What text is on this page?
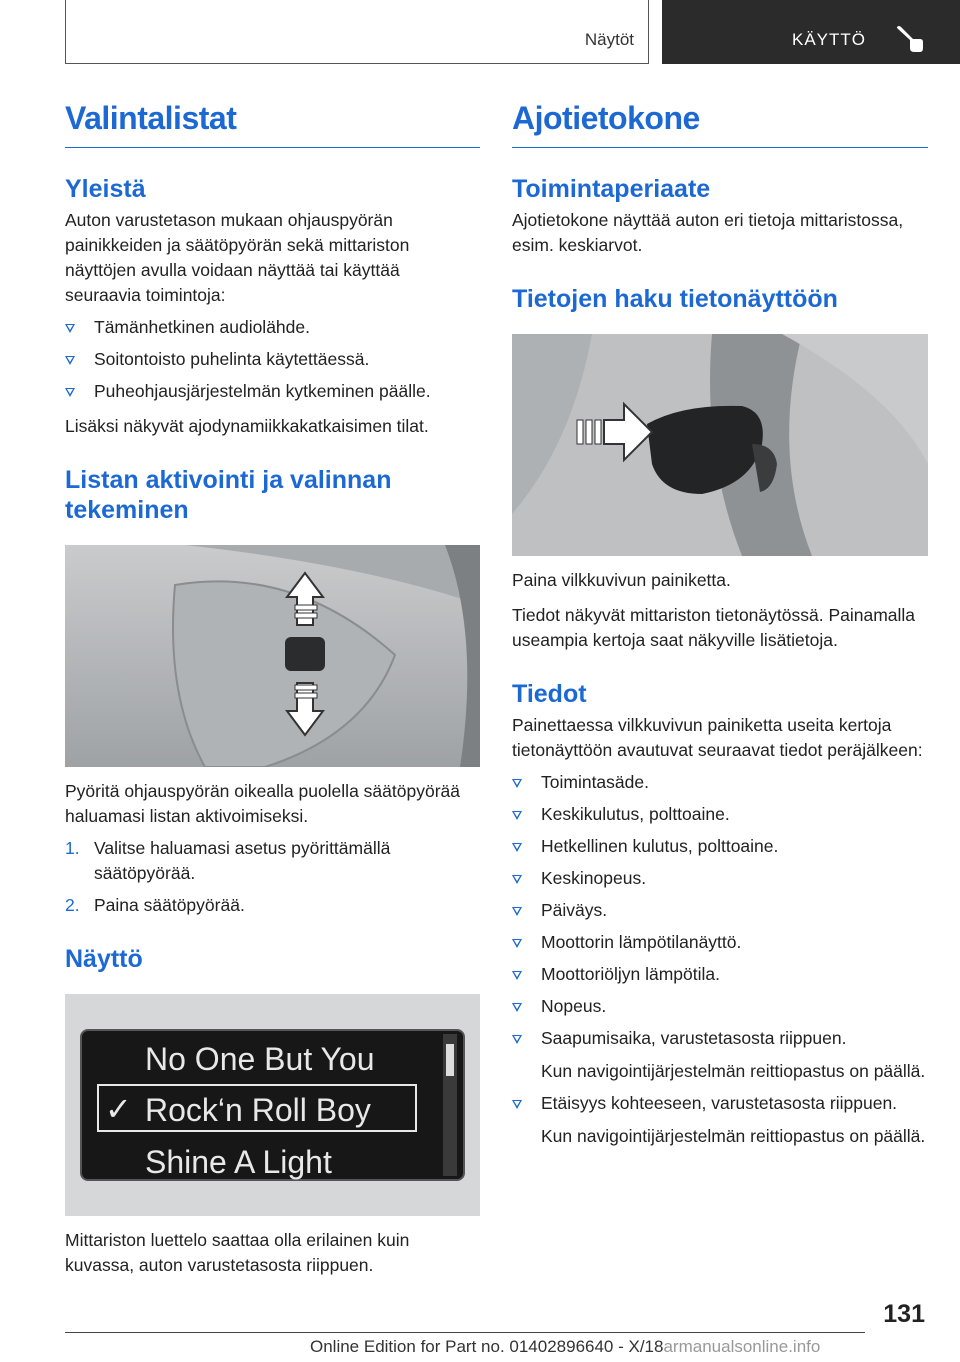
Näytöt	KÄYTTÖ
Valintalistat
Yleistä

Auton varustetason mukaan ohjauspyörän painikkeiden ja säätöpyörän sekä mittariston näyttöjen avulla voidaan näyttää tai käyttää seuraavia toimintoja:

Tämänhetkinen audiolähde.
Soitontoisto puhelinta käytettäessä.
Puheohjausjärjestelmän kytkeminen päälle.

Lisäksi näkyvät ajodynamiikkakatkaisimen tilat.

Listan aktivointi ja valinnan tekeminen

Pyöritä ohjauspyörän oikealla puolella säätöpyörää haluamasi listan aktivoimiseksi.

1. Valitse haluamasi asetus pyörittämällä säätöpyörää.
2. Paina säätöpyörää.
Näyttö
No One But You
✓ Rock‘n Roll Boy
Shine A Light

Mittariston luettelo saattaa olla erilainen kuin kuvassa, auton varustetasosta riippuen.

Ajotietokone
Toimintaperiaate

Ajotietokone näyttää auton eri tietoja mittaristossa, esim. keskiarvot.

Tietojen haku tietonäyttöön

Paina vilkkuvivun painiketta.

Tiedot näkyvät mittariston tietonäytössä. Painamalla useampia kertoja saat näkyville lisätietoja.

Tiedot

Painettaessa vilkkuvivun painiketta useita kertoja tietonäyttöön avautuvat seuraavat tiedot peräjälkeen:

Toimintasäde.
Keskikulutus, polttoaine.
Hetkellinen kulutus, polttoaine.
Keskinopeus.
Päiväys.
Moottorin lämpötilanäyttö.
Moottoriöljyn lämpötila.
Nopeus.
Saapumisaika, varustetasosta riippuen.
Kun navigointijärjestelmän reittiopastus on päällä.
Etäisyys kohteeseen, varustetasosta riippuen.
Kun navigointijärjestelmän reittiopastus on päällä.
131
Online Edition for Part no. 01402896640 - X/18armanualsonline.info
